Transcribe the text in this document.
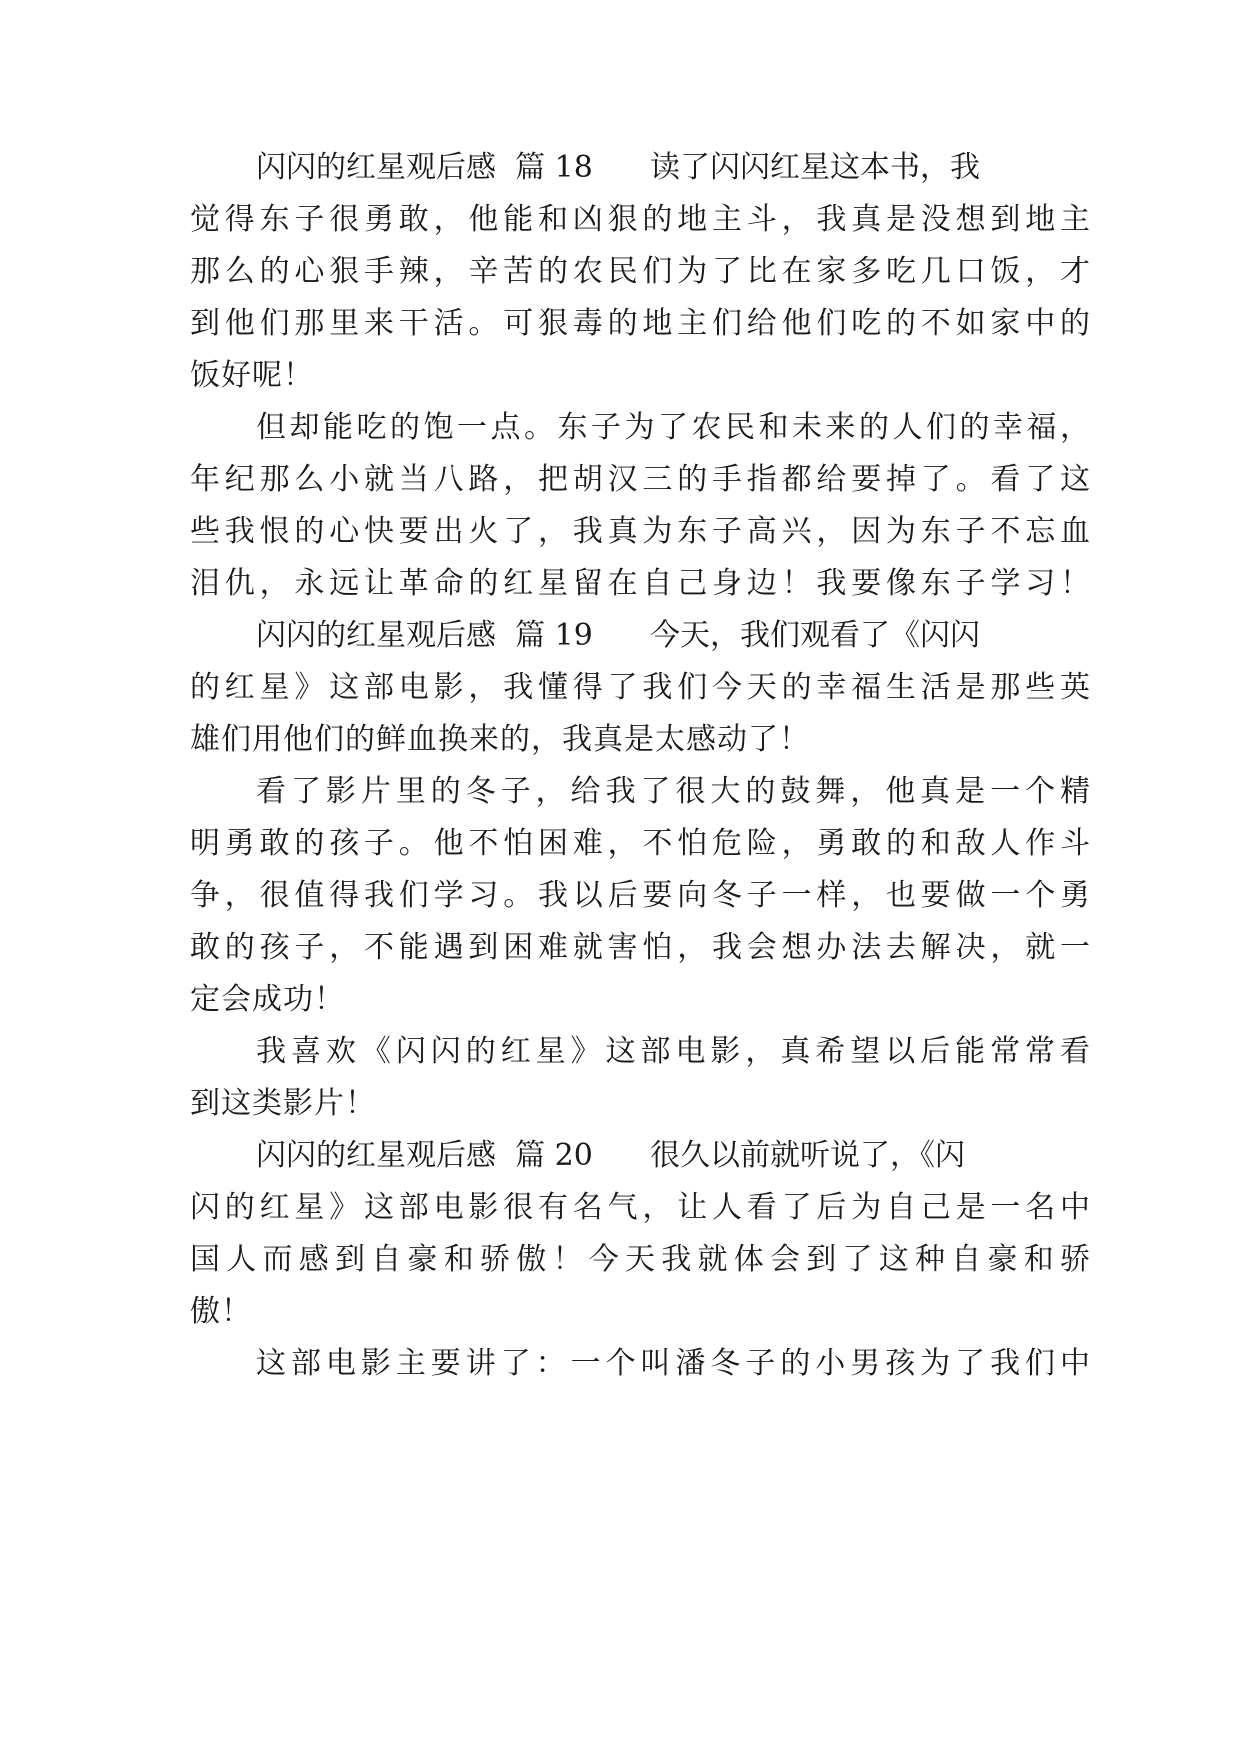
闪闪的红星观后感  篇 18      读了闪闪红星这本书，我
觉得东子很勇敢，他能和凶狠的地主斗，我真是没想到地主
那么的心狠手辣，辛苦的农民们为了比在家多吃几口饭，才
到他们那里来干活。可狠毒的地主们给他们吃的不如家中的
饭好呢！
但却能吃的饱一点。东子为了农民和未来的人们的幸福，
年纪那么小就当八路，把胡汉三的手指都给要掉了。看了这
些我恨的心快要出火了，我真为东子高兴，因为东子不忘血
泪仇，永远让革命的红星留在自己身边！我要像东子学习！
闪闪的红星观后感  篇 19      今天，我们观看了《闪闪
的红星》这部电影，我懂得了我们今天的幸福生活是那些英
雄们用他们的鲜血换来的，我真是太感动了！
看了影片里的冬子，给我了很大的鼓舞，他真是一个精
明勇敢的孩子。他不怕困难，不怕危险，勇敢的和敌人作斗
争，很值得我们学习。我以后要向冬子一样，也要做一个勇
敢的孩子，不能遇到困难就害怕，我会想办法去解决，就一
定会成功！
我喜欢《闪闪的红星》这部电影，真希望以后能常常看
到这类影片！
闪闪的红星观后感  篇 20      很久以前就听说了，《闪
闪的红星》这部电影很有名气，让人看了后为自己是一名中
国人而感到自豪和骄傲！今天我就体会到了这种自豪和骄
傲！
这部电影主要讲了：一个叫潘冬子的小男孩为了我们中
